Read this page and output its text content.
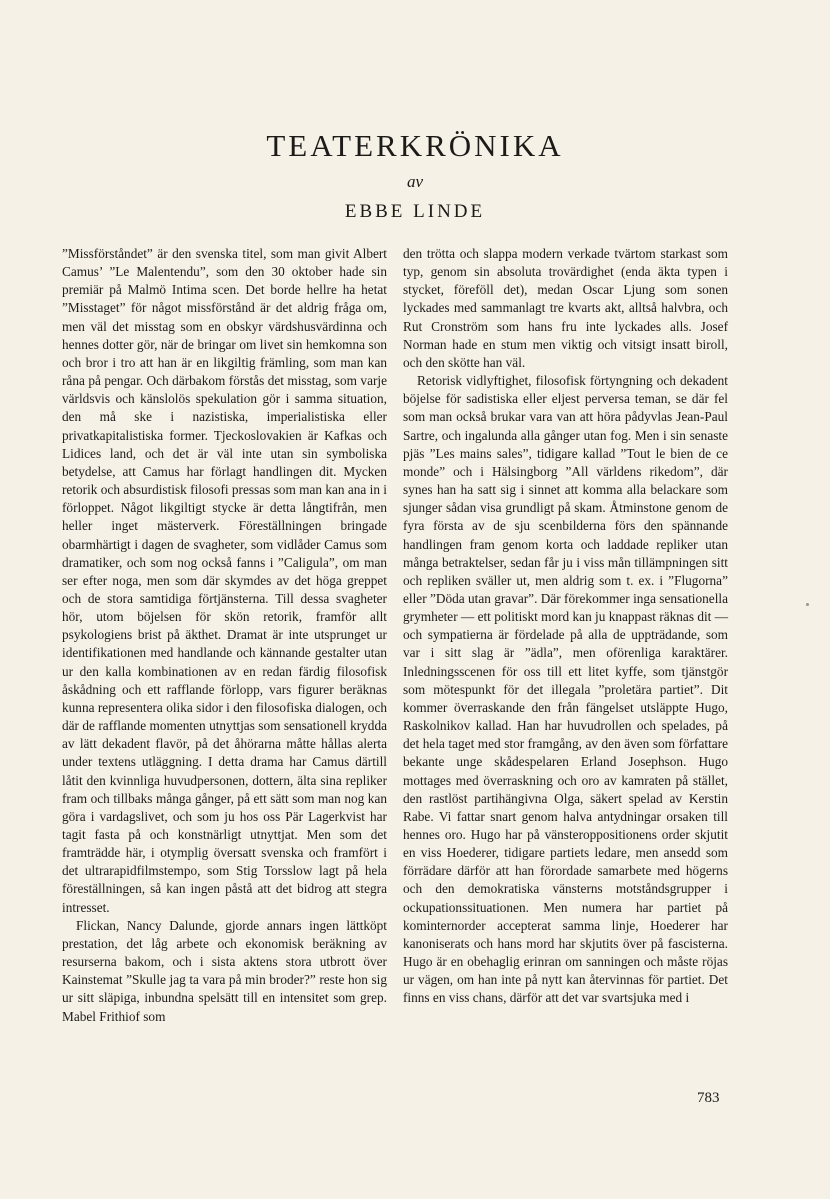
TEATERKRÖNIKA
av
EBBE LINDE

”Missförståndet” är den svenska titel, som man givit Albert Camus’ ”Le Malentendu”, som den 30 oktober hade sin premiär på Malmö Intima scen. Det borde hellre ha hetat ”Misstaget” för något missförstånd är det aldrig fråga om, men väl det misstag som en obskyr värdshusvärdinna och hennes dotter gör, när de bringar om livet sin hemkomna son och bror i tro att han är en likgiltig främling, som man kan råna på pengar. Och därbakom förstås det misstag, som varje världsvis och känslolös spekulation gör i samma situation, den må ske i nazistiska, imperialistiska eller privatkapitalistiska former. Tjeckoslovakien är Kafkas och Lidices land, och det är väl inte utan sin symboliska betydelse, att Camus har förlagt handlingen dit. Mycken retorik och absurdistisk filosofi pressas som man kan ana in i förloppet. Något likgiltigt stycke är detta långtifrån, men heller inget mästerverk. Föreställningen bringade obarmhärtigt i dagen de svagheter, som vidlåder Camus som dramatiker, och som nog också fanns i ”Caligula”, om man ser efter noga, men som där skymdes av det höga greppet och de stora samtidiga förtjänsterna. Till dessa svagheter hör, utom böjelsen för skön retorik, framför allt psykologiens brist på äkthet. Dramat är inte utsprunget ur identifikationen med handlande och kännande gestalter utan ur den kalla kombinationen av en redan färdig filosofisk åskådning och ett rafflande förlopp, vars figurer beräknas kunna representera olika sidor i den filosofiska dialogen, och där de rafflande momenten utnyttjas som sensationell krydda av lätt dekadent flavör, på det åhörarna måtte hållas alerta under textens utläggning. I detta drama har Camus därtill låtit den kvinnliga huvudpersonen, dottern, älta sina repliker fram och tillbaks många gånger, på ett sätt som man nog kan göra i vardagslivet, och som ju hos oss Pär Lagerkvist har tagit fasta på och konstnärligt utnyttjat. Men som det framträdde här, i otymplig översatt svenska och framfört i det ultrarapidfilmstempo, som Stig Torsslow lagt på hela föreställningen, så kan ingen påstå att det bidrog att stegra intresset.

Flickan, Nancy Dalunde, gjorde annars ingen lättköpt prestation, det låg arbete och ekonomisk beräkning av resurserna bakom, och i sista aktens stora utbrott över Kainstemat ”Skulle jag ta vara på min broder?” reste hon sig ur sitt släpiga, inbundna spelsätt till en intensitet som grep. Mabel Frithiof som

den trötta och slappa modern verkade tvärtom starkast som typ, genom sin absoluta trovärdighet (enda äkta typen i stycket, föreföll det), medan Oscar Ljung som sonen lyckades med sammanlagt tre kvarts akt, alltså halvbra, och Rut Cronström som hans fru inte lyckades alls. Josef Norman hade en stum men viktig och vitsigt insatt biroll, och den skötte han väl.

Retorisk vidlyftighet, filosofisk förtyngning och dekadent böjelse för sadistiska eller eljest perversa teman, se där fel som man också brukar vara van att höra pådyvlas Jean-Paul Sartre, och ingalunda alla gånger utan fog. Men i sin senaste pjäs ”Les mains sales”, tidigare kallad ”Tout le bien de ce monde” och i Hälsingborg ”All världens rikedom”, där synes han ha satt sig i sinnet att komma alla belackare som sjunger sådan visa grundligt på skam. Åtminstone genom de fyra första av de sju scenbilderna förs den spännande handlingen fram genom korta och laddade repliker utan många betraktelser, sedan får ju i viss mån tillämpningen sitt och repliken sväller ut, men aldrig som t. ex. i ”Flugorna” eller ”Döda utan gravar”. Där förekommer inga sensationella grymheter — ett politiskt mord kan ju knappast räknas dit — och sympatierna är fördelade på alla de uppträdande, som var i sitt slag är ”ädla”, men oförenliga karaktärer. Inledningsscenen för oss till ett litet kyffe, som tjänstgör som mötespunkt för det illegala ”proletära partiet”. Dit kommer överraskande den från fängelset utsläppte Hugo, Raskolnikov kallad. Han har huvudrollen och spelades, på det hela taget med stor framgång, av den även som författare bekante unge skådespelaren Erland Josephson. Hugo mottages med överraskning och oro av kamraten på stället, den rastlöst partihängivna Olga, säkert spelad av Kerstin Rabe. Vi fattar snart genom halva antydningar orsaken till hennes oro. Hugo har på vänsteroppositionens order skjutit en viss Hoederer, tidigare partiets ledare, men ansedd som förrädare därför att han förordade samarbete med högerns och den demokratiska vänsterns motståndsgrupper i ockupationssituationen. Men numera har partiet på kominternorder accepterat samma linje, Hoederer har kanoniserats och hans mord har skjutits över på fascisterna. Hugo är en obehaglig erinran om sanningen och måste röjas ur vägen, om han inte på nytt kan återvinnas för partiet. Det finns en viss chans, därför att det var svartsjuka med i

783
